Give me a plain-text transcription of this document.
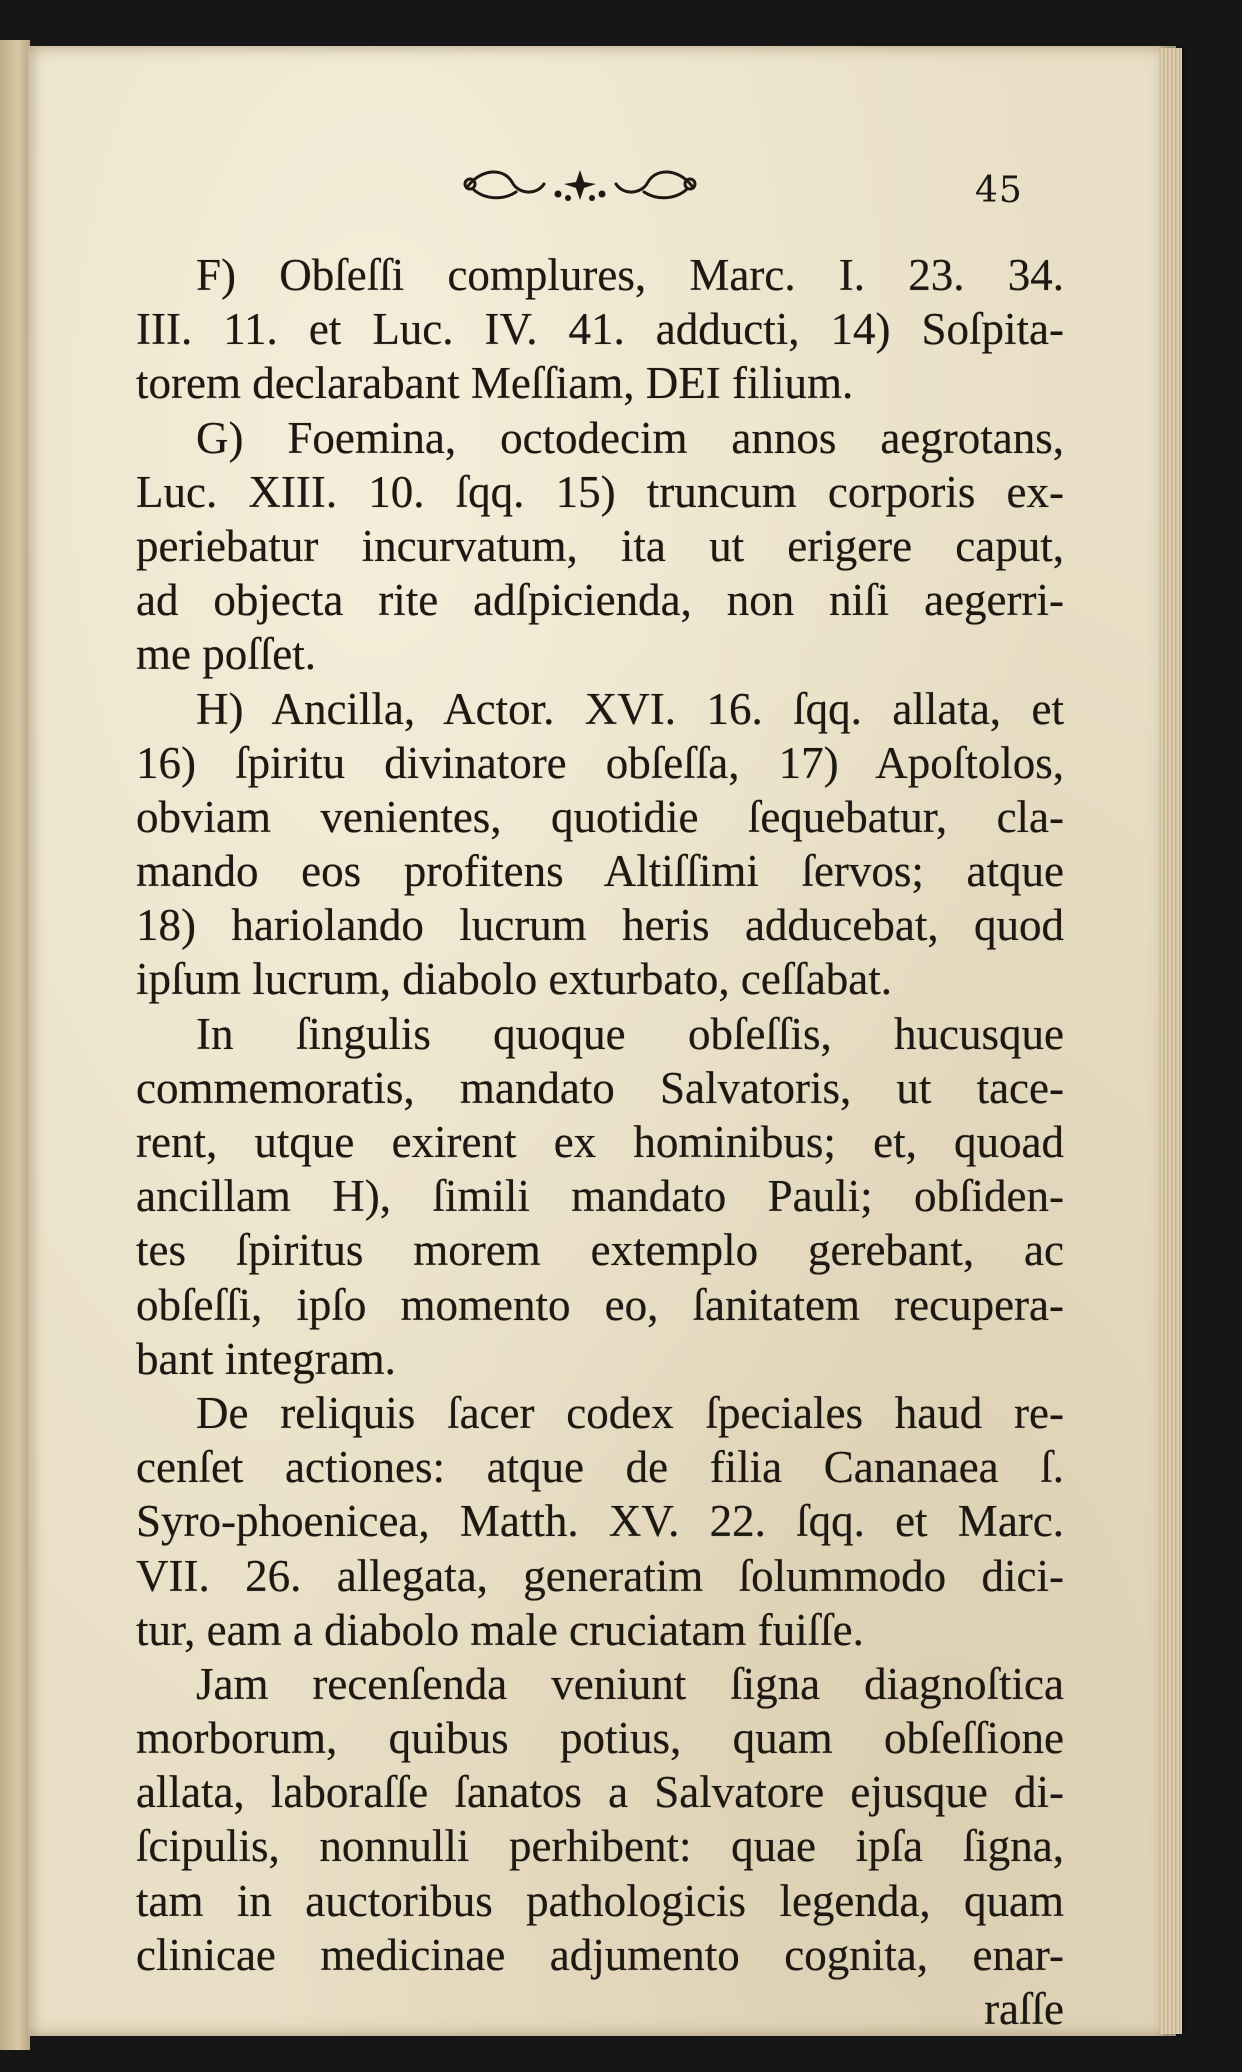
45
F) Obſeſſi complures, Marc. I. 23. 34.
III. 11. et Luc. IV. 41. adducti, 14) Soſpita-
torem declarabant Meſſiam, DEI filium.
G) Foemina, octodecim annos aegrotans,
Luc. XIII. 10. ſqq. 15) truncum corporis ex-
periebatur incurvatum, ita ut erigere caput,
ad objecta rite adſpicienda, non niſi aegerri-
me poſſet.
H) Ancilla, Actor. XVI. 16. ſqq. allata, et
16) ſpiritu divinatore obſeſſa, 17) Apoſtolos,
obviam venientes, quotidie ſequebatur, cla-
mando eos profitens Altiſſimi ſervos; atque
18) hariolando lucrum heris adducebat, quod
ipſum lucrum, diabolo exturbato, ceſſabat.
In ſingulis quoque obſeſſis, hucusque
commemoratis, mandato Salvatoris, ut tace-
rent, utque exirent ex hominibus; et, quoad
ancillam H), ſimili mandato Pauli; obſiden-
tes ſpiritus morem extemplo gerebant, ac
obſeſſi, ipſo momento eo, ſanitatem recupera-
bant integram.
De reliquis ſacer codex ſpeciales haud re-
cenſet actiones: atque de filia Cananaea ſ.
Syro-phoenicea, Matth. XV. 22. ſqq. et Marc.
VII. 26. allegata, generatim ſolummodo dici-
tur, eam a diabolo male cruciatam fuiſſe.
Jam recenſenda veniunt ſigna diagnoſtica
morborum, quibus potius, quam obſeſſione
allata, laboraſſe ſanatos a Salvatore ejusque di-
ſcipulis, nonnulli perhibent: quae ipſa ſigna,
tam in auctoribus pathologicis legenda, quam
clinicae medicinae adjumento cognita, enar-
raſſe
